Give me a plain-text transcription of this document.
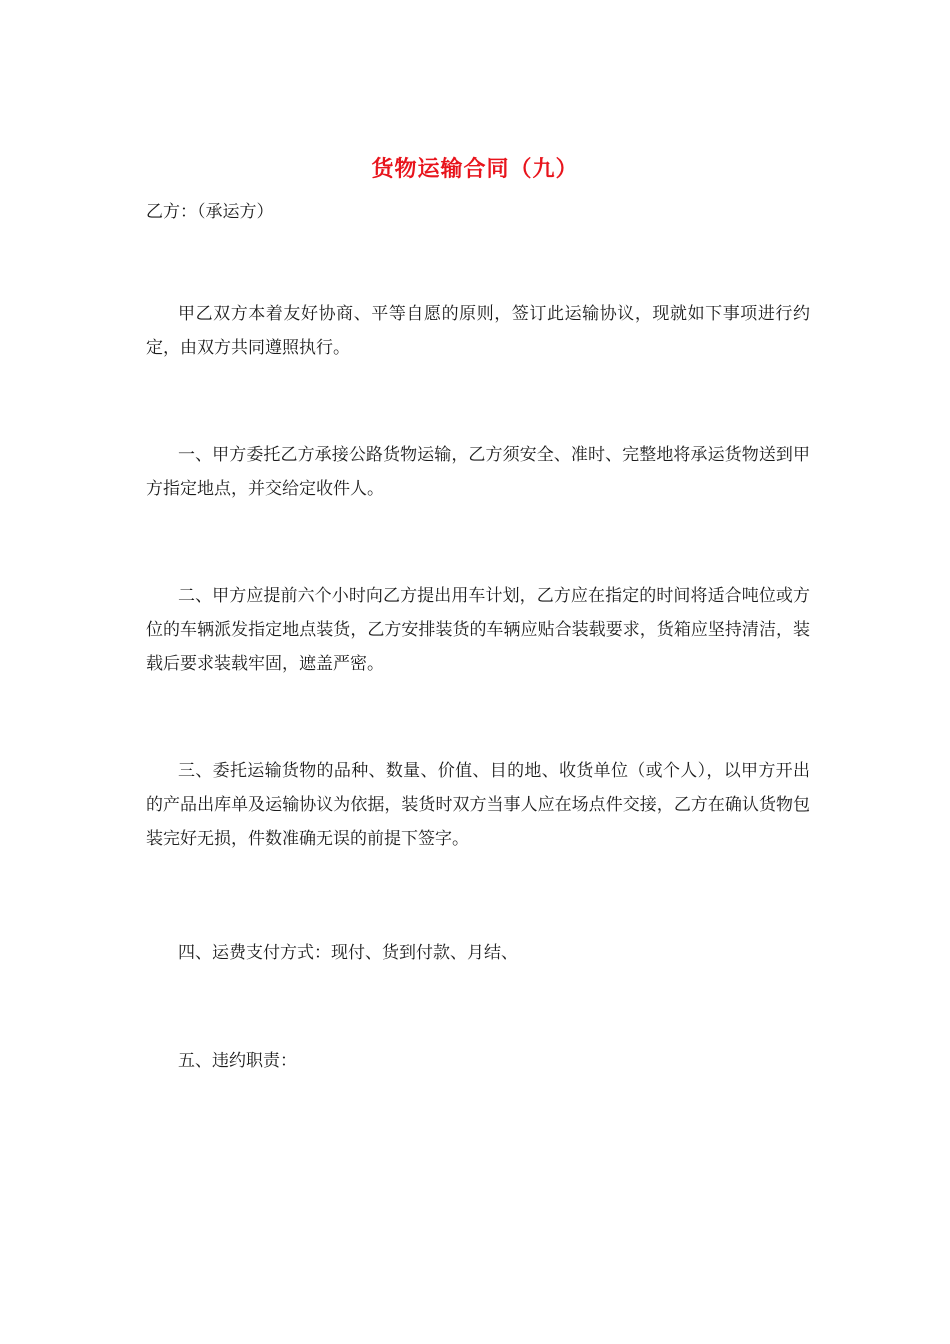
货物运输合同（九）
乙方：（承运方）
甲乙双方本着友好协商、平等自愿的原则，签订此运输协议，现就如下事项进行约定，由双方共同遵照执行。
一、甲方委托乙方承接公路货物运输，乙方须安全、准时、完整地将承运货物送到甲方指定地点，并交给定收件人。
二、甲方应提前六个小时向乙方提出用车计划，乙方应在指定的时间将适合吨位或方位的车辆派发指定地点装货，乙方安排装货的车辆应贴合装载要求，货箱应坚持清洁，装载后要求装载牢固，遮盖严密。
三、委托运输货物的品种、数量、价值、目的地、收货单位（或个人），以甲方开出的产品出库单及运输协议为依据，装货时双方当事人应在场点件交接，乙方在确认货物包装完好无损，件数准确无误的前提下签字。
四、运费支付方式：现付、货到付款、月结、
五、违约职责：
